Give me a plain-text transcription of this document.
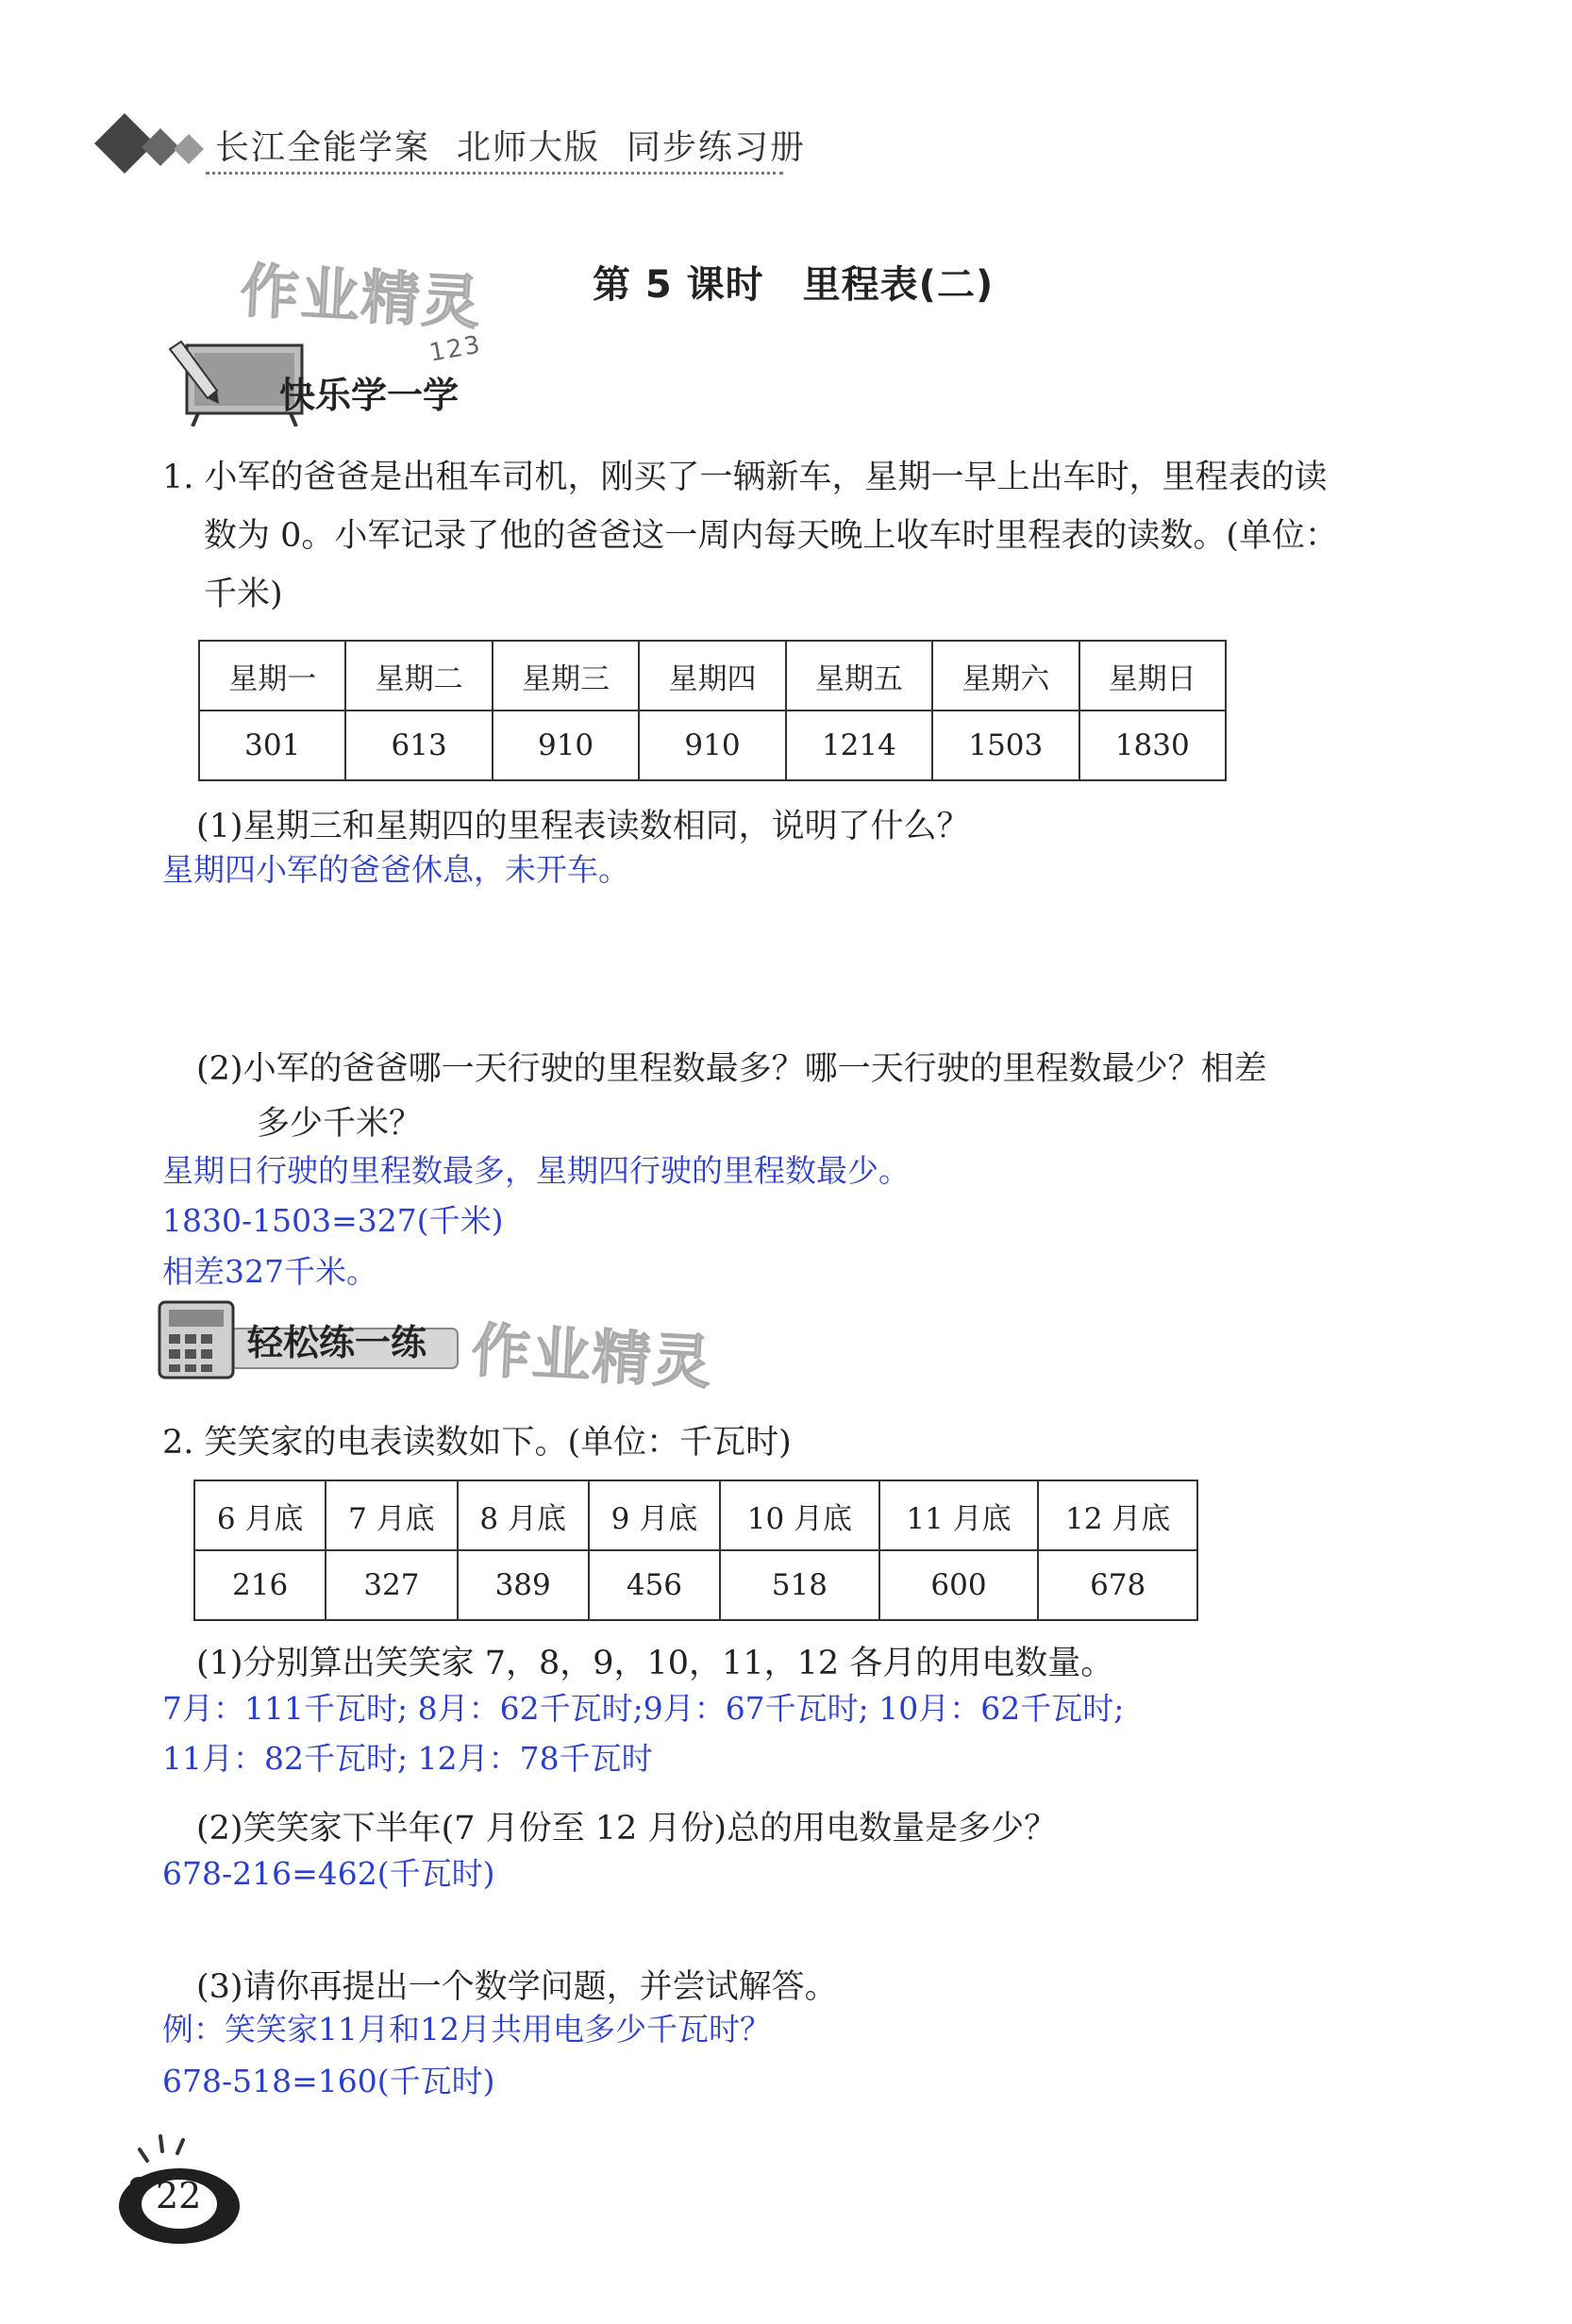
长江全能学案 北师大版 同步练习册
作业精灵
作业精灵
第 5 课时　里程表(二)
快乐学一学
123
1. 小军的爸爸是出租车司机，刚买了一辆新车，星期一早上出车时，里程表的读
数为 0。小军记录了他的爸爸这一周内每天晚上收车时里程表的读数。(单位：
千米)
星期一	星期二	星期三	星期四	星期五	星期六	星期日
301	613	910	910	1214	1503	1830
(1)星期三和星期四的里程表读数相同，说明了什么？
星期四小军的爸爸休息，未开车。
(2)小军的爸爸哪一天行驶的里程数最多？哪一天行驶的里程数最少？相差
多少千米？
星期日行驶的里程数最多，星期四行驶的里程数最少。
1830-1503=327(千米)
相差327千米。
轻松练一练
2. 笑笑家的电表读数如下。(单位：千瓦时)
6 月底	7 月底	8 月底	9 月底	10 月底	11 月底	12 月底
216	327	389	456	518	600	678
(1)分别算出笑笑家 7，8，9，10，11，12 各月的用电数量。
7月：111千瓦时; 8月：62千瓦时;9月：67千瓦时; 10月：62千瓦时;
11月：82千瓦时; 12月：78千瓦时
(2)笑笑家下半年(7 月份至 12 月份)总的用电数量是多少？
678-216=462(千瓦时)
(3)请你再提出一个数学问题，并尝试解答。
例：笑笑家11月和12月共用电多少千瓦时？
678-518=160(千瓦时)
22
